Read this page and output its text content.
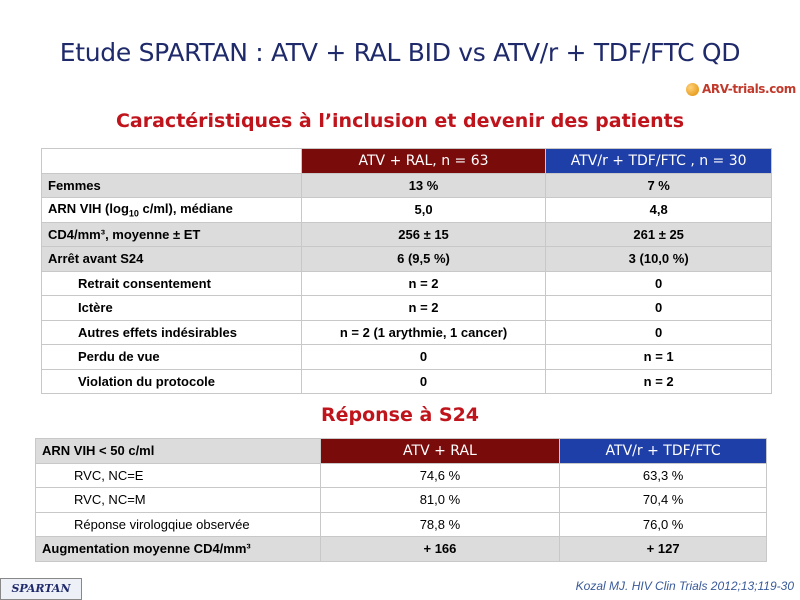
Etude SPARTAN : ATV + RAL BID vs ATV/r + TDF/FTC QD
ARV-trials.com
Caractéristiques à l’inclusion et devenir des patients
	ATV + RAL, n = 63	ATV/r + TDF/FTC , n = 30
Femmes	13 %	7 %
ARN VIH ($\log_{10}$ c/ml), médiane	5,0	4,8
CD4/mm³, moyenne ± ET	256 ± 15	261 ± 25
Arrêt avant S24	6 (9,5 %)	3 (10,0 %)
Retrait consentement	n = 2	0
Ictère	n = 2	0
Autres effets indésirables	n = 2 (1 arythmie, 1 cancer)	0
Perdu de vue	0	n = 1
Violation du protocole	0	n = 2
Réponse à S24
ARN VIH < 50 c/ml	ATV + RAL	ATV/r + TDF/FTC
RVC, NC=E	74,6 %	63,3 %
RVC, NC=M	81,0 %	70,4 %
Réponse virologqiue observée	78,8 %	76,0 %
Augmentation moyenne CD4/mm³	+ 166	+ 127
SPARTAN	Kozal MJ. HIV Clin Trials 2012;13;119-30
